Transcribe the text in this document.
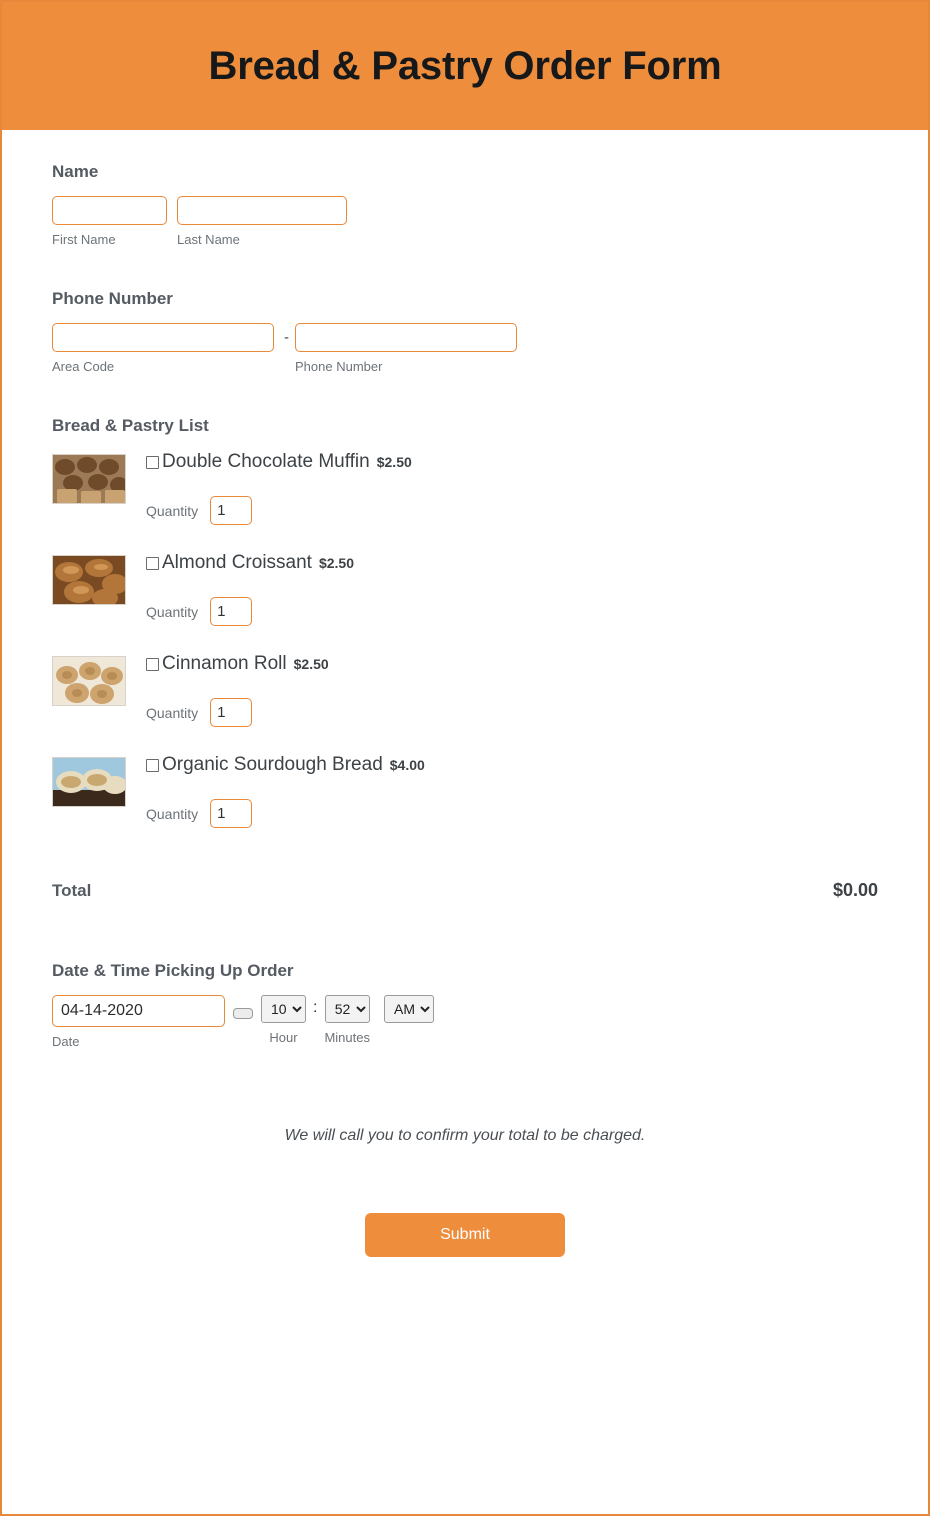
Bread & Pastry Order Form
Name
First Name	Last Name
Phone Number
Area Code
-
Phone Number
Bread & Pastry List
Double Chocolate Muffin $2.50
Quantity
1
Almond Croissant $2.50
Quantity
1
Cinnamon Roll $2.50
Quantity
1
Organic Sourdough Bread $4.00
Quantity
1
Total	$0.00
Date & Time Picking Up Order
04-14-2020
Date
10	Hour
:
52
Minutes
AM
We will call you to confirm your total to be charged.
Submit
